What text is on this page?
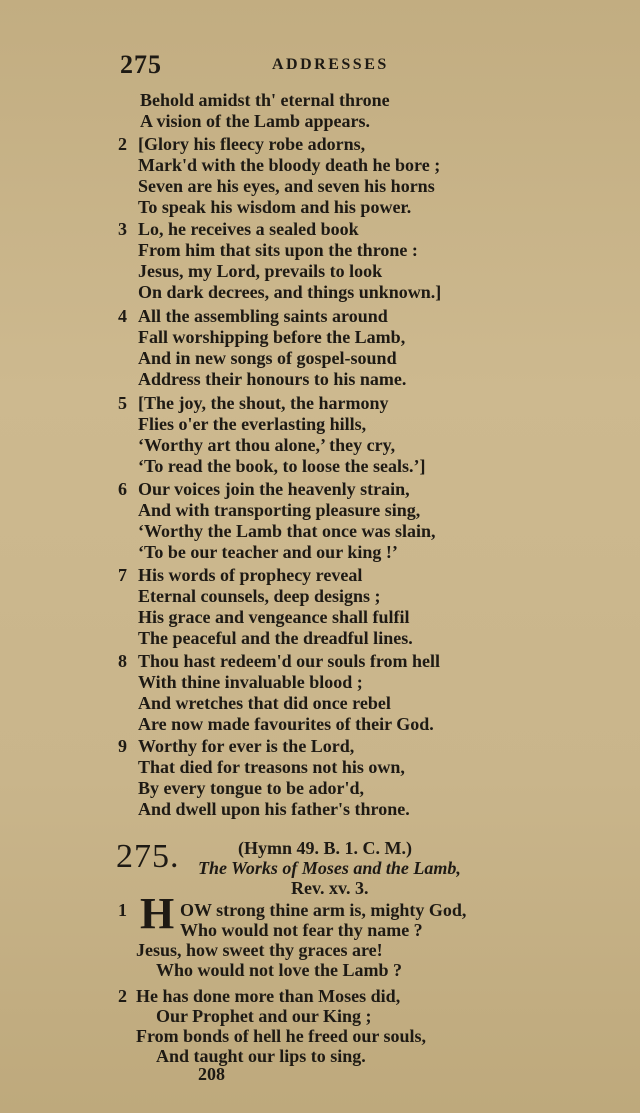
275	ADDRESSES
Behold amidst th' eternal throne
A vision of the Lamb appears.
2 [Glory his fleecy robe adorns,
Mark'd with the bloody death he bore ;
Seven are his eyes, and seven his horns
To speak his wisdom and his power.
3 Lo, he receives a sealed book
From him that sits upon the throne :
Jesus, my Lord, prevails to look
On dark decrees, and things unknown.]
4 All the assembling saints around
Fall worshipping before the Lamb,
And in new songs of gospel-sound
Address their honours to his name.
5 [The joy, the shout, the harmony
Flies o'er the everlasting hills,
‘Worthy art thou alone,’ they cry,
‘To read the book, to loose the seals.’]
6 Our voices join the heavenly strain,
And with transporting pleasure sing,
‘Worthy the Lamb that once was slain,
‘To be our teacher and our king !’
7 His words of prophecy reveal
Eternal counsels, deep designs ;
His grace and vengeance shall fulfil
The peaceful and the dreadful lines.
8 Thou hast redeem'd our souls from hell
With thine invaluable blood ;
And wretches that did once rebel
Are now made favourites of their God.
9 Worthy for ever is the Lord,
That died for treasons not his own,
By every tongue to be ador'd,
And dwell upon his father's throne.
275.	(Hymn 49. B. 1. C. M.)
The Works of Moses and the Lamb,
Rev. xv. 3.
1	OW strong thine arm is, mighty God,
Who would not fear thy name ?
Jesus, how sweet thy graces are!
Who would not love the Lamb ?
H
2 He has done more than Moses did,
Our Prophet and our King ;
From bonds of hell he freed our souls,
And taught our lips to sing.
208
